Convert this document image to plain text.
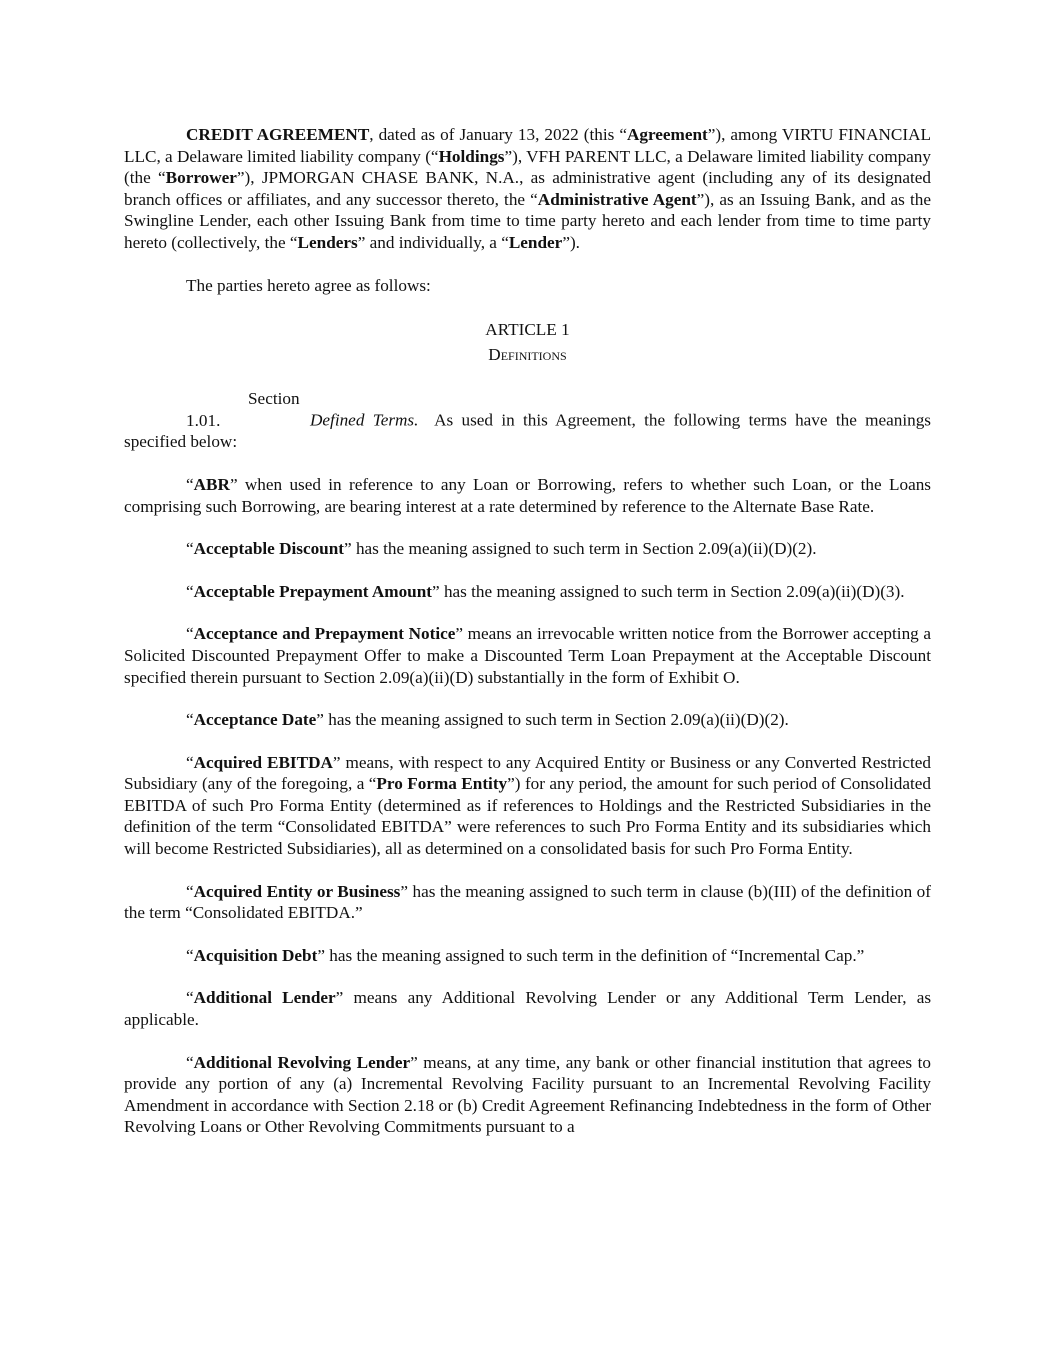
CREDIT AGREEMENT, dated as of January 13, 2022 (this “Agreement”), among VIRTU FINANCIAL LLC, a Delaware limited liability company (“Holdings”), VFH PARENT LLC, a Delaware limited liability company (the “Borrower”), JPMORGAN CHASE BANK, N.A., as administrative agent (including any of its designated branch offices or affiliates, and any successor thereto, the “Administrative Agent”), as an Issuing Bank, and as the Swingline Lender, each other Issuing Bank from time to time party hereto and each lender from time to time party hereto (collectively, the “Lenders” and individually, a “Lender”).

The parties hereto agree as follows:

ARTICLE 1
Definitions

Section 1.01.	Defined Terms. As used in this Agreement, the following terms have the meanings specified below:

“ABR” when used in reference to any Loan or Borrowing, refers to whether such Loan, or the Loans comprising such Borrowing, are bearing interest at a rate determined by reference to the Alternate Base Rate.

“Acceptable Discount” has the meaning assigned to such term in Section 2.09(a)(ii)(D)(2).

“Acceptable Prepayment Amount” has the meaning assigned to such term in Section 2.09(a)(ii)(D)(3).

“Acceptance and Prepayment Notice” means an irrevocable written notice from the Borrower accepting a Solicited Discounted Prepayment Offer to make a Discounted Term Loan Prepayment at the Acceptable Discount specified therein pursuant to Section 2.09(a)(ii)(D) substantially in the form of Exhibit O.

“Acceptance Date” has the meaning assigned to such term in Section 2.09(a)(ii)(D)(2).

“Acquired EBITDA” means, with respect to any Acquired Entity or Business or any Converted Restricted Subsidiary (any of the foregoing, a “Pro Forma Entity”) for any period, the amount for such period of Consolidated EBITDA of such Pro Forma Entity (determined as if references to Holdings and the Restricted Subsidiaries in the definition of the term “Consolidated EBITDA” were references to such Pro Forma Entity and its subsidiaries which will become Restricted Subsidiaries), all as determined on a consolidated basis for such Pro Forma Entity.

“Acquired Entity or Business” has the meaning assigned to such term in clause (b)(III) of the definition of the term “Consolidated EBITDA.”

“Acquisition Debt” has the meaning assigned to such term in the definition of “Incremental Cap.”

“Additional Lender” means any Additional Revolving Lender or any Additional Term Lender, as applicable.

“Additional Revolving Lender” means, at any time, any bank or other financial institution that agrees to provide any portion of any (a) Incremental Revolving Facility pursuant to an Incremental Revolving Facility Amendment in accordance with Section 2.18 or (b) Credit Agreement Refinancing Indebtedness in the form of Other Revolving Loans or Other Revolving Commitments pursuant to a
